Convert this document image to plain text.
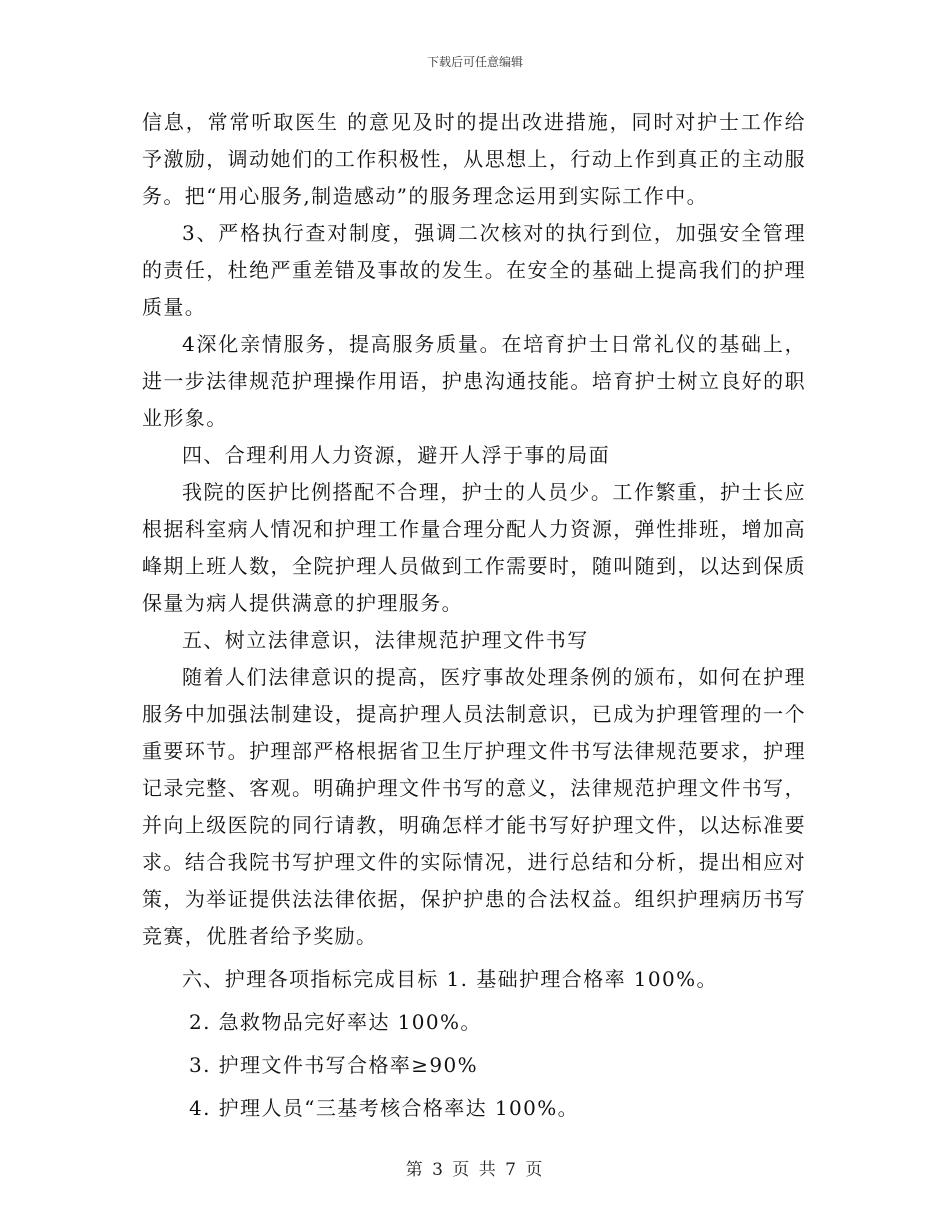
下载后可任意编辑

信息，常常听取医生 的意见及时的提出改进措施，同时对护士工作给予激励，调动她们的工作积极性，从思想上，行动上作到真正的主动服务。把“用心服务,制造感动”的服务理念运用到实际工作中。

3、严格执行查对制度，强调二次核对的执行到位，加强安全管理的责任，杜绝严重差错及事故的发生。在安全的基础上提高我们的护理质量。

4深化亲情服务，提高服务质量。在培育护士日常礼仪的基础上，进一步法律规范护理操作用语，护患沟通技能。培育护士树立良好的职业形象。

四、合理利用人力资源，避开人浮于事的局面

我院的医护比例搭配不合理，护士的人员少。工作繁重，护士长应根据科室病人情况和护理工作量合理分配人力资源，弹性排班，增加高峰期上班人数，全院护理人员做到工作需要时，随叫随到，以达到保质保量为病人提供满意的护理服务。

五、树立法律意识，法律规范护理文件书写

随着人们法律意识的提高，医疗事故处理条例的颁布，如何在护理服务中加强法制建设，提高护理人员法制意识，已成为护理管理的一个重要环节。护理部严格根据省卫生厅护理文件书写法律规范要求，护理记录完整、客观。明确护理文件书写的意义，法律规范护理文件书写，并向上级医院的同行请教，明确怎样才能书写好护理文件，以达标准要求。结合我院书写护理文件的实际情况，进行总结和分析，提出相应对策，为举证提供法法律依据，保护护患的合法权益。组织护理病历书写竞赛，优胜者给予奖励。

六、护理各项指标完成目标 1. 基础护理合格率 100%。

2. 急救物品完好率达 100%。

3. 护理文件书写合格率≥90%

4. 护理人员“三基考核合格率达 100%。

第 3 页 共 7 页
